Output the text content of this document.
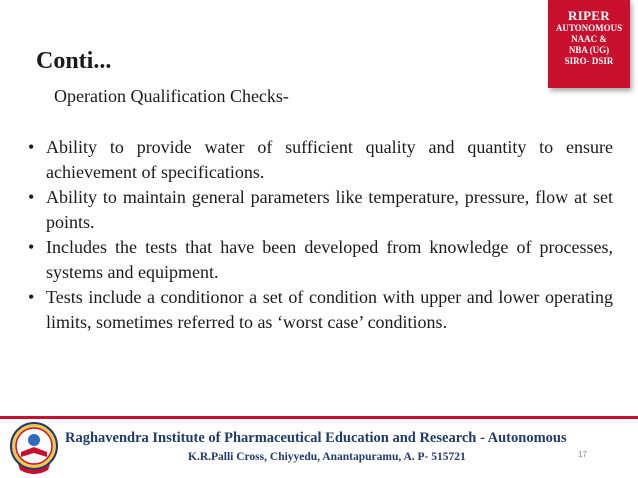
RIPER
AUTONOMOUS
NAAC &
NBA (UG)
SIRO- DSIR
Conti...
Operation Qualification Checks-
• Ability to provide water of sufficient quality and quantity to ensure achievement of specifications.
• Ability to maintain general parameters like temperature, pressure, flow at set points.
• Includes the tests that have been developed from knowledge of processes, systems and equipment.
• Tests include a conditionor a set of condition with upper and lower operating limits, sometimes referred to as ‘worst case’ conditions.
Raghavendra Institute of Pharmaceutical Education and Research - Autonomous
K.R.Palli Cross, Chiyyedu, Anantapuramu, A. P- 515721	17
